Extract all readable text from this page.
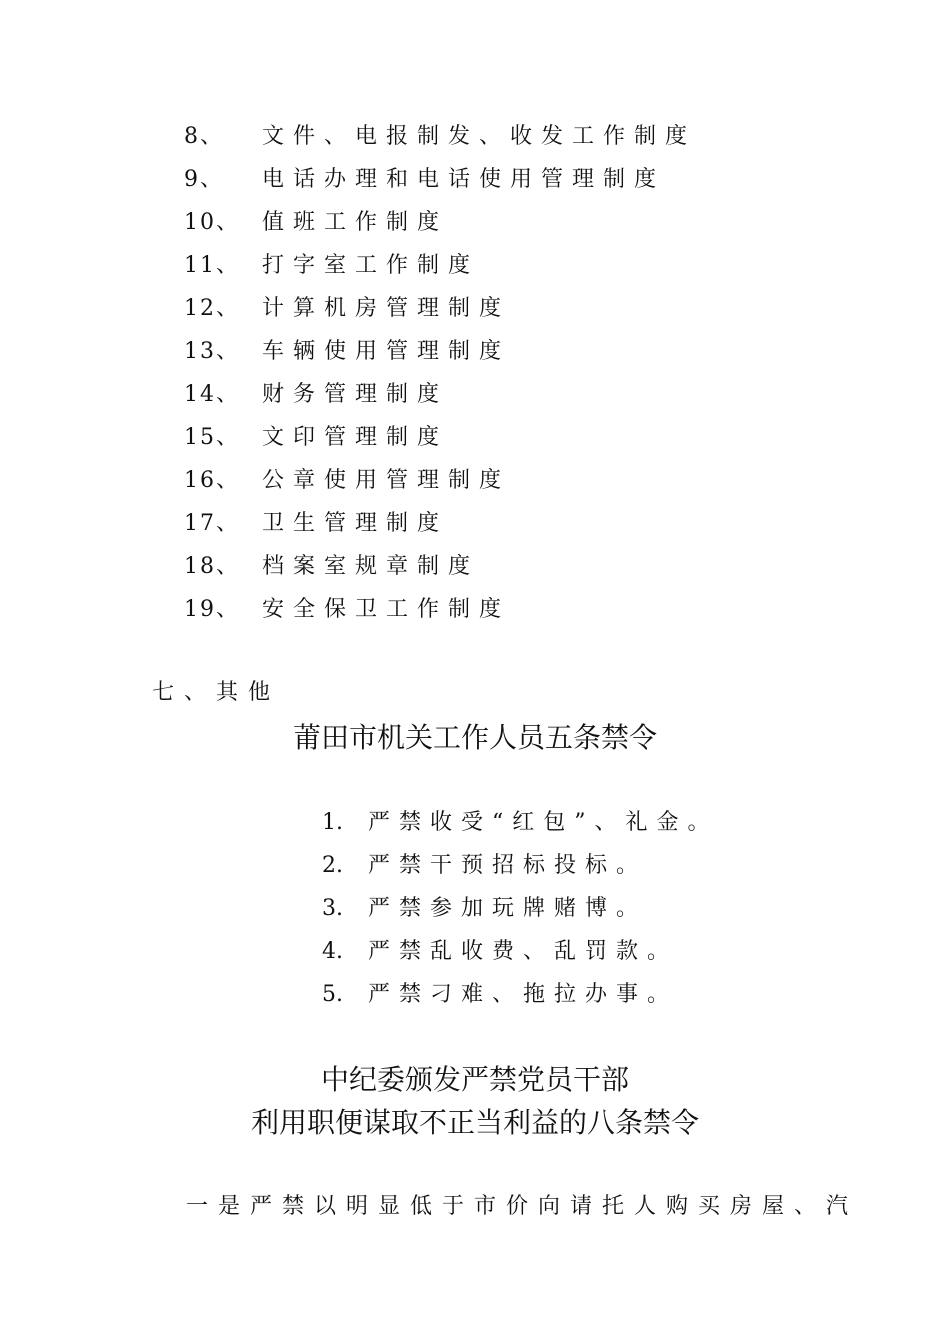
8、 文件、电报制发、收发工作制度
9、 电话办理和电话使用管理制度
10、 值班工作制度
11、 打字室工作制度
12、 计算机房管理制度
13、 车辆使用管理制度
14、 财务管理制度
15、 文印管理制度
16、 公章使用管理制度
17、 卫生管理制度
18、 档案室规章制度
19、 安全保卫工作制度
七、其他
莆田市机关工作人员五条禁令
1. 严禁收受“红包”、礼金。
2. 严禁干预招标投标。
3. 严禁参加玩牌赌博。
4. 严禁乱收费、乱罚款。
5. 严禁刁难、拖拉办事。
中纪委颁发严禁党员干部
利用职便谋取不正当利益的八条禁令
一是严禁以明显低于市价向请托人购买房屋、汽
